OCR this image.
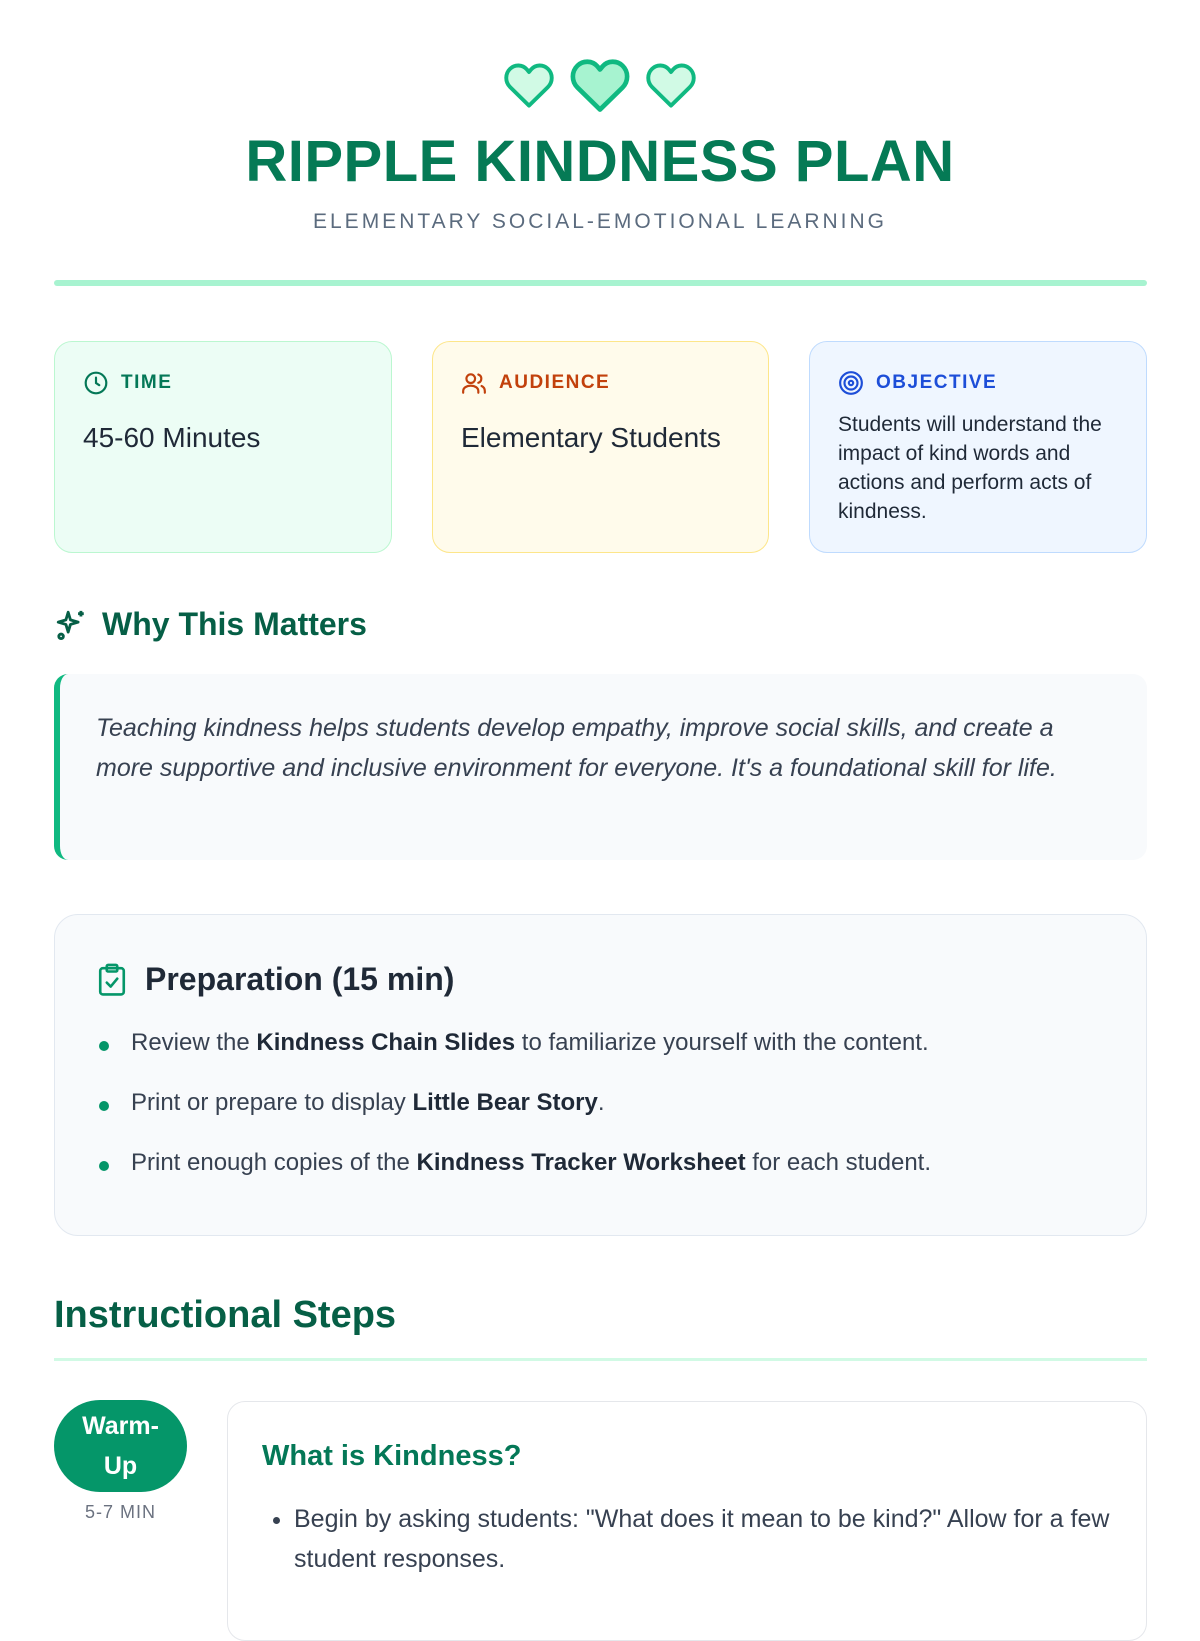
RIPPLE KINDNESS PLAN
ELEMENTARY SOCIAL-EMOTIONAL LEARNING
TIME
45-60 Minutes
AUDIENCE
Elementary Students
OBJECTIVE
Students will understand the impact of kind words and actions and perform acts of kindness.
Why This Matters
Teaching kindness helps students develop empathy, improve social skills, and create a more supportive and inclusive environment for everyone. It's a foundational skill for life.
Preparation (15 min)
Review the Kindness Chain Slides to familiarize yourself with the content.
Print or prepare to display Little Bear Story.
Print enough copies of the Kindness Tracker Worksheet for each student.
Instructional Steps
Warm-
Up
5-7 MIN
What is Kindness?
• Begin by asking students: "What does it mean to be kind?" Allow for a few student responses.
